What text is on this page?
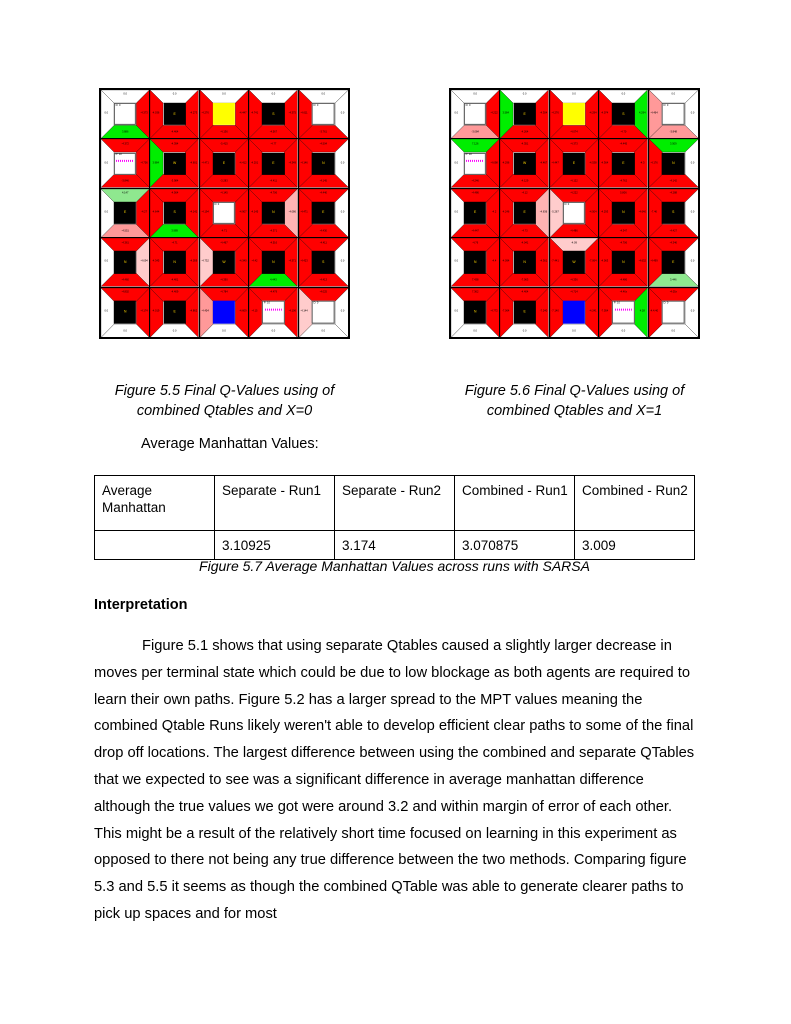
0.0
3.886
0.0	-4.373
D: 0
0.0
-4.464
-4.036	-4.273
E
0.0
-4.136
-4.276	-4.447
0.0
-4.567
-4.741	-4.375
S
0.0
-3.761
-4.611	0.0
D: 0
-4.372
-3.846
0.0	-4.756
P: 10
-4.394
-3.984
3.984	-4.601
W
-5.415
-3.283
-4.471	-4.412
E
-4.77
-4.411
-4.201	-4.349
E
-4.504
-4.145
-4.146	0.0
N
4.147
-4.551
0.0	-4.27
E
-4.564
3.989
-4.644	-4.142
S
-4.145
-4.71
-4.194	-4.907
D: 0
-4.706
-4.371
-4.145	-4.086
N
-4.440
-4.430
-4.471	0.0
E
-4.361
-4.460
0.0	-4.694
N
-4.71
-4.401
-4.345	-4.059
N
-4.467
-4.390
-4.732	-4.340
W
-4.516
4.443
-4.42	-4.371
N
-4.411
-4.413
-4.423	0.0
S
-4.802
0.0
0.0	-4.174
N
-4.409
0.0
-4.019	-4.862
E
-4.784
0.0
-4.454	-4.609
-4.479
0.0
-4.15	-4.106
P: 10
-4.025
0.0
-4.144	0.0
D: 0
0.0
-3.084
0.0	-4.222
D: 0
0.0
-4.264
3.584	-4.304
E
0.0
-4.074
-4.276	-4.294
0.0
-4.70
-4.074	4.294
S
0.0
-3.848
-4.464	0.0
D: 0
7.126
-4.246
0.0	-4.698
P: 10
-4.351
-4.129
-4.296	-4.467
W
-4.373
-4.122
-4.447	-4.538
E
-4.445
-4.762
-4.364	-4.3
E
3.509
-4.142
-4.176	0.0
N
-4.486
-4.447
0.0	-4.2
E
-4.12
-4.73
-4.246	-4.636
E
-4.222
-4.486
-5.267	-4.504
D: 0
5.806
-4.347
-4.293	-4.640
N
-4.288
-4.427
-7.46	0.0
S
-4.76
7.438
0.0	-4.4
N
-4.041
-7.063
-4.094	-4.361
N
-4.09
-4.336
-7.441	-7.064
W
-4.706
-4.486
-4.063	-4.632
N
-4.346
3.446
-4.499	0.0
E
7.362
0.0
0.0	-4.772
N
-4.404
0.0
-7.064	-7.240
E
-4.714
0.0
-7.140	-4.241
-4.46x
0.0
-7.054	4.28
P: 10
-4.05x
0.0
-4.4.40	0.0
D: 0
Figure 5.5 Final Q-Values using of combined Qtables and X=0
Figure 5.6 Final Q-Values using of combined Qtables and X=1
Average Manhattan Values:
Average Manhattan	Separate - Run1	Separate - Run2	Combined - Run1	Combined - Run2
	3.10925	3.174	3.070875	3.009
Figure 5.7 Average Manhattan Values across runs with SARSA
Interpretation
Figure 5.1 shows that using separate Qtables caused a slightly larger decrease in moves per terminal state which could be due to low blockage as both agents are required to learn their own paths. Figure 5.2 has a larger spread to the MPT values meaning the combined Qtable Runs likely weren't able to develop efficient clear paths to some of the final drop off locations. The largest difference between using the combined and separate QTables that we expected to see was a significant difference in average manhattan difference although the true values we got were around 3.2 and within margin of error of each other. This might be a result of the relatively short time focused on learning in this experiment as opposed to there not being any true difference between the two methods. Comparing figure 5.3 and 5.5 it seems as though the combined QTable was able to generate clearer paths to pick up spaces and for most
